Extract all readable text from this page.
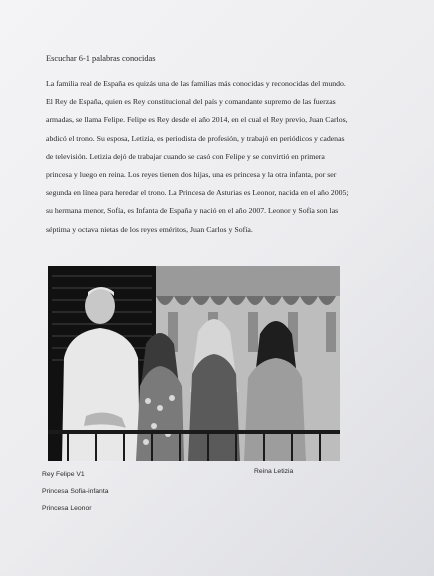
Escuchar 6-1 palabras conocidas
La familia real de España es quizás una de las familias más conocidas y reconocidas del mundo.
El Rey de España, quien es Rey constitucional del país y comandante supremo de las fuerzas
armadas, se llama Felipe. Felipe es Rey desde el año 2014, en el cual el Rey previo, Juan Carlos,
abdicó el trono. Su esposa, Letizia, es periodista de profesión, y trabajó en periódicos y cadenas
de televisión. Letizia dejó de trabajar cuando se casó con Felipe y se convirtió en primera
princesa y luego en reina. Los reyes tienen dos hijas, una es princesa y la otra infanta, por ser
segunda en línea para heredar el trono. La Princesa de Asturias es Leonor, nacida en el año 2005;
su hermana menor, Sofía, es Infanta de España y nació en el año 2007. Leonor y Sofía son las
séptima y octava nietas de los reyes eméritos, Juan Carlos y Sofía.
Rey Felipe V1	Reina Letizia
Princesa Sofia-infanta
Princesa Leonor
